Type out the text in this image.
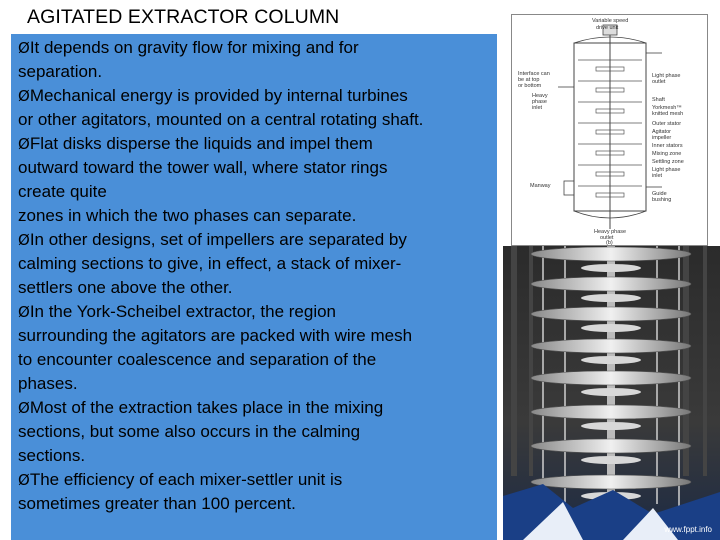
AGITATED EXTRACTOR COLUMN

ØIt depends on gravity flow for mixing and for
separation.

ØMechanical energy is provided by internal turbines
or other agitators, mounted on a central rotating shaft.

ØFlat disks disperse the liquids and impel them
outward toward the tower wall, where stator rings
create quite
zones in which the two phases can separate.

ØIn other designs, set of impellers are separated by
calming sections to give, in effect, a stack of mixer-
settlers one above the other.

ØIn the York-Scheibel extractor, the region
surrounding the agitators are packed with wire mesh
to encounter coalescence and separation of the
phases.

ØMost of the extraction takes place in the mixing
sections, but some also occurs in the calming
sections.

ØThe efficiency of each mixer-settler unit is
sometimes greater than 100 percent.

Variable speed
drive unit
Interface can
be at top
or bottom
Heavy
phase
inlet
Manway
Light phase
outlet
Shaft
Yorkmesh™
knitted mesh
Outer stator
Agitator
impeller
Inner stators
Mixing zone
Settling zone
Light phase
inlet
Guide
bushing
Heavy phase
outlet
(b)
www.fppt.info
